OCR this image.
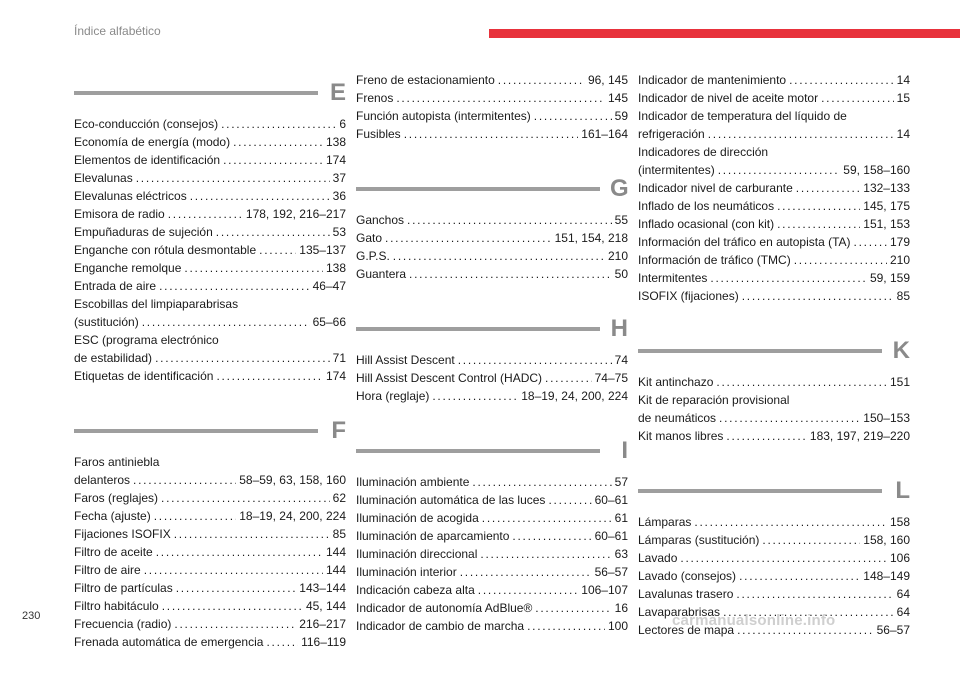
Índice alfabético
E
Eco-conducción (consejos) . . .	6
Economía de energía (modo) . . .	138
Elementos de identificación . . .	174
Elevalunas . . .	37
Elevalunas eléctricos . . .	36
Emisora de radio . . .	178, 192, 216–217
Empuñaduras de sujeción . . .	53
Enganche con rótula desmontable . . .	135–137
Enganche remolque . . .	138
Entrada de aire . . .	46–47
Escobillas del limpiaparabrisas
(sustitución) . . .	65–66
ESC (programa electrónico
de estabilidad) . . .	71
Etiquetas de identificación . . .	174
F
Faros antiniebla
delanteros . . .	58–59, 63, 158, 160
Faros (reglajes) . . .	62
Fecha (ajuste) . . .	18–19, 24, 200, 224
Fijaciones ISOFIX . . .	85
Filtro de aceite . . .	144
Filtro de aire . . .	144
Filtro de partículas . . .	143–144
Filtro habitáculo . . .	45, 144
Frecuencia (radio) . . .	216–217
Frenada automática de emergencia . . .	116–119
Freno de estacionamiento . . .	96, 145
Frenos . . .	145
Función autopista (intermitentes) . . .	59
Fusibles . . .	161–164
G
Ganchos . . .	55
Gato . . .	151, 154, 218
G.P.S. . . .	210
Guantera . . .	50
H
Hill Assist Descent . . .	74
Hill Assist Descent Control (HADC) . . .	74–75
Hora (reglaje) . . .	18–19, 24, 200, 224
I
Iluminación ambiente . . .	57
Iluminación automática de las luces . . .	60–61
Iluminación de acogida . . .	61
Iluminación de aparcamiento . . .	60–61
Iluminación direccional . . .	63
Iluminación interior . . .	56–57
Indicación cabeza alta . . .	106–107
Indicador de autonomía AdBlue® . . .	16
Indicador de cambio de marcha . . .	100
Indicador de mantenimiento . . .	14
Indicador de nivel de aceite motor . . .	15
Indicador de temperatura del líquido de
refrigeración . . .	14
Indicadores de dirección
(intermitentes) . . .	59, 158–160
Indicador nivel de carburante . . .	132–133
Inflado de los neumáticos . . .	145, 175
Inflado ocasional (con kit) . . .	151, 153
Información del tráfico en autopista (TA) . . .	179
Información de tráfico (TMC) . . .	210
Intermitentes . . .	59, 159
ISOFIX (fijaciones) . . .	85
K
Kit antinchazo . . .	151
Kit de reparación provisional
de neumáticos . . .	150–153
Kit manos libres . . .	183, 197, 219–220
L
Lámparas . . .	158
Lámparas (sustitución) . . .	158, 160
Lavado . . .	106
Lavado (consejos) . . .	148–149
Lavalunas trasero . . .	64
Lavaparabrisas . . .	64
Lectores de mapa . . .	56–57
230	carmanualsonline.info
